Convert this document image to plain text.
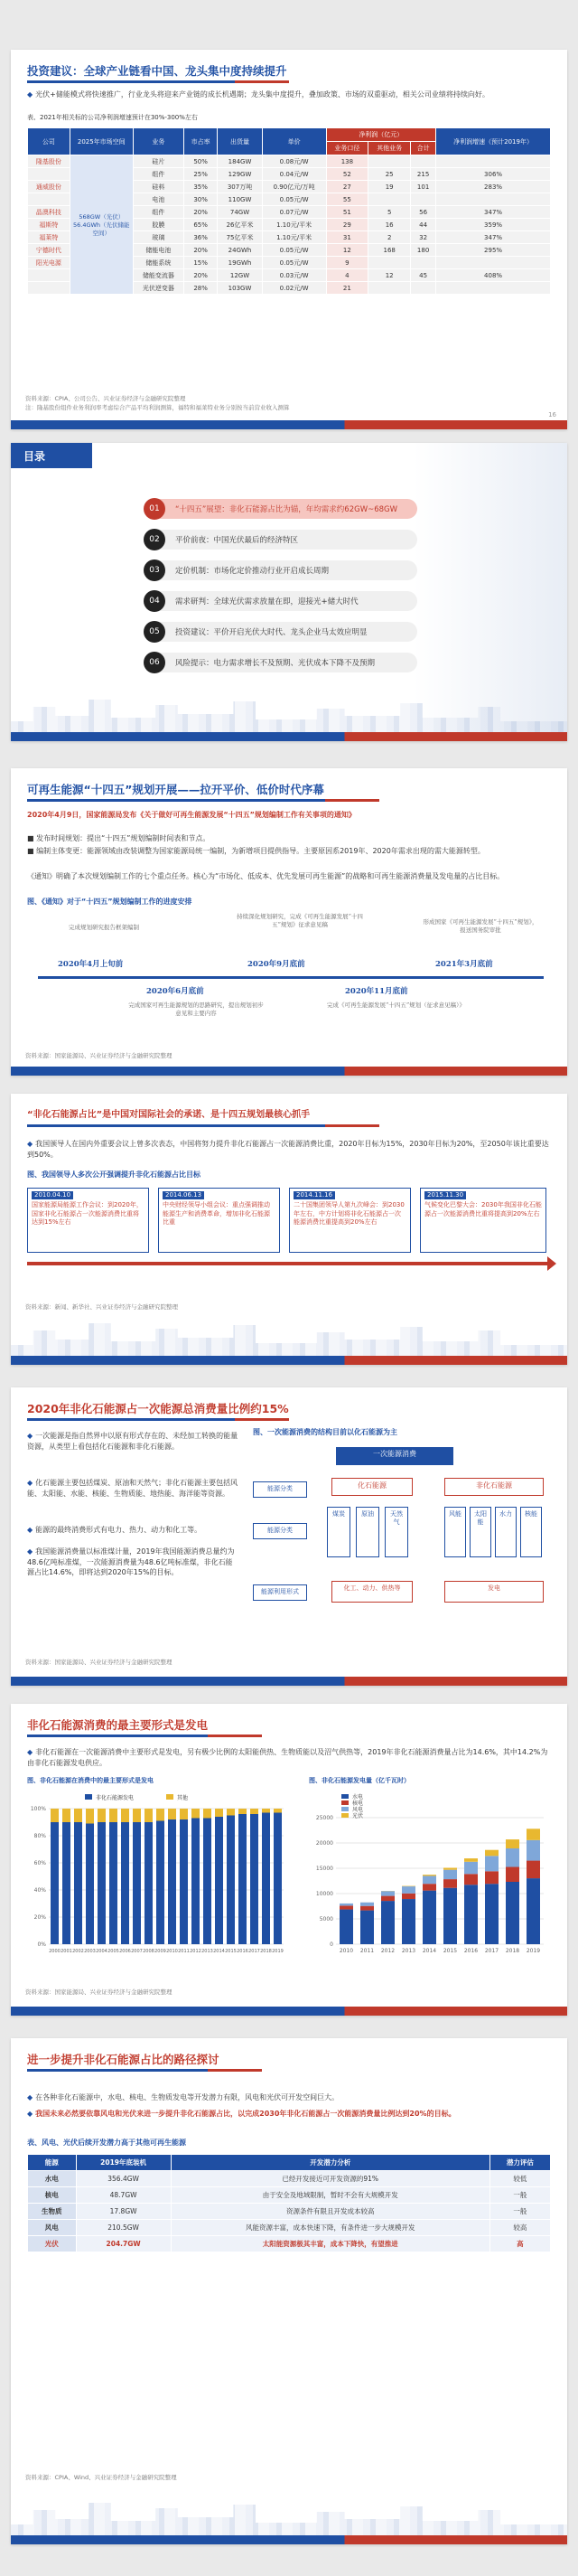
投资建议：全球产业链看中国、龙头集中度持续提升
◆ 光伏+储能模式将快速推广，行业龙头将迎来产业链的成长机遇期；龙头集中度提升，叠加政策、市场的双重驱动，相关公司业绩将持续向好。
表、2021年相关标的公司净利润增速预计在30%-300%左右
公司	2025年市场空间	业务	市占率	出货量	单价	净利润（亿元）			净利润增速（预计2019年）
						业务口径	其他业务	合计	
隆基股份	568GW（光伏）56.4GWh（光伏储能空间）	硅片	50%	184GW	0.08元/W	138			
		组件	25%	129GW	0.04元/W	52	25	215	306%
通威股份		硅料	35%	307万吨	0.90亿元/万吨	27	19	101	283%
		电池	30%	110GW	0.05元/W	55			
晶澳科技		组件	20%	74GW	0.07元/W	51	5	56	347%
福斯特		胶膜	65%	26亿平米	1.10元/平米	29	16	44	359%
福莱特		玻璃	36%	75亿平米	1.10元/平米	31	2	32	347%
宁德时代		储能电池	20%	24GWh	0.05元/W	12	168	180	295%
阳光电源		储能系统	15%	19GWh	0.05元/W	9			
		储能变流器	20%	12GW	0.03元/W	4	12	45	408%
		光伏逆变器	28%	103GW	0.02元/W	21			
资料来源：CPIA、公司公告、兴业证券经济与金融研究院整理
注：隆基股份组件业务利润率考虑综合产品平均利润测算，福特和福莱特业务分别按当前营业收入测算
16
目录
01	“十四五”展望：非化石能源占比为锚，年均需求约62GW~68GW
02	平价前夜：中国光伏最后的经济特区
03	定价机制：市场化定价推动行业开启成长周期
04	需求研判：全球光伏需求放量在即，迎接光+储大时代
05	投资建议：平价开启光伏大时代、龙头企业马太效应明显
06	风险提示：电力需求增长不及预期、光伏成本下降不及预期
可再生能源“十四五”规划开展——拉开平价、低价时代序幕
2020年4月9日，国家能源局发布《关于做好可再生能源发展“十四五”规划编制工作有关事项的通知》
■ 发布时间规划：提出“十四五”规划编制时间表和节点。
■ 编制主体变更：能源领域由改装调整为国家能源局统一编制，为新增项目提供指导。主要原因系2019年、2020年需求出现的需大能源转型。
《通知》明确了本次规划编制工作的七个重点任务。核心为“市场化、低成本、优先发展可再生能源”的战略和可再生能源消费量及发电量的占比目标。
图、《通知》对于“十四五”规划编制工作的进度安排
完成规划研究报告框架编制
2020年4月上旬前
2020年6月底前
完成国家可再生能源规划的思路研究，提出规划初步意见和主要内容
持续深化规划研究，完成《可再生能源发展“十四五”规划》征求意见稿
2020年9月底前
2020年11月底前
完成《可再生能源发展“十四五”规划（征求意见稿）》
形成国家《可再生能源发展“十四五”规划》，报送国务院审批
2021年3月底前
资料来源：国家能源局、兴业证券经济与金融研究院整理
“非化石能源占比”是中国对国际社会的承诺、是十四五规划最核心抓手
◆ 我国颁导人在国内外重要会议上曾多次表态，中国将努力提升非化石能源占一次能源消费比重，2020年目标为15%，2030年目标为20%，至2050年该比重要达到50%。
图、我国领导人多次公开强调提升非化石能源占比目标
2010.04.10
国家能源局能源工作会议：到2020年，国家非化石能源占一次能源消费比重将达到15%左右
2014.06.13
中央财经领导小组会议：重点强调推动能源生产和消费革命，增加非化石能源比重
2014.11.16
二十国集团领导人第九次峰会：到2030年左右，中方计划将非化石能源占一次能源消费比重提高到20%左右
2015.11.30
气候变化巴黎大会：2030年我国非化石能源占一次能源消费比重将提高到20%左右
资料来源：新闻、新华社、兴业证券经济与金融研究院整理
2020年非化石能源占一次能源总消费量比例约15%
◆ 一次能源是指自然界中以原有形式存在的、未经加工转换的能量资源，从类型上看包括化石能源和非化石能源。
◆ 化石能源主要包括煤炭、原油和天然气；非化石能源主要包括风能、太阳能、水能、核能、生物质能、地热能、海洋能等资源。
◆ 能源的最终消费形式有电力、热力、动力和化工等。
◆ 我国能源消费量以标准煤计量，2019年我国能源消费总量约为48.6亿吨标准煤，一次能源消费量为48.6亿吨标准煤，非化石能源占比14.6%，即将达到2020年15%的目标。
图、一次能源消费的结构目前以化石能源为主
一次能源消费
能源分类	化石能源	非化石能源
能源分类
煤炭	原油	天然气
风能	太阳能
水力	核能
能源利用形式	化工、动力、供热等	发电
资料来源：国家能源局、兴业证券经济与金融研究院整理
非化石能源消费的最主要形式是发电
◆ 非化石能源在一次能源消费中主要形式是发电，另有极少比例的太阳能供热、生物质能以及沼气供热等，2019年非化石能源消费量占比为14.6%，其中14.2%为由非化石能源发电供应。
图、非化石能源在消费中的最主要形式是发电	图、非化石能源发电量（亿千瓦时）
0%
20%
40%
60%
80%
100%
2000 2001 2002 2003 2004 2005 2006 2007 2008 2009 2010 2011 2012 2013 2014 2015 2016 2017 2018 2019
非化石能源发电	其他
0
5000
10000
15000
20000
25000
2010 2011 2012 2013 2014 2015 2016 2017 2018 2019
水电
核电
风电
光伏
资料来源：国家能源局、兴业证券经济与金融研究院整理
进一步提升非化石能源占比的路径探讨
◆ 在各种非化石能源中，水电、核电、生物质发电等开发潜力有限，风电和光伏可开发空间巨大。
◆ 我国未来必然要依靠风电和光伏来进一步提升非化石能源占比，以完成2030年非化石能源占一次能源消费量比例达到20%的目标。
表、风电、光伏后续开发潜力高于其他可再生能源
能源	2019年底装机	开发潜力分析	潜力评估
水电	356.4GW	已经开发接近可开发资源的91%	较低
核电	48.7GW	由于安全及地域限制，暂时不会有大规模开发	一般
生物质	17.8GW	资源条件有限且开发成本较高	一般
风电	210.5GW	风能资源丰富，成本快速下降，有条件进一步大规模开发	较高
光伏	204.7GW	太阳能资源极其丰富，成本下降快，有望推进	高
资料来源：CPIA、Wind、兴业证券经济与金融研究院整理
